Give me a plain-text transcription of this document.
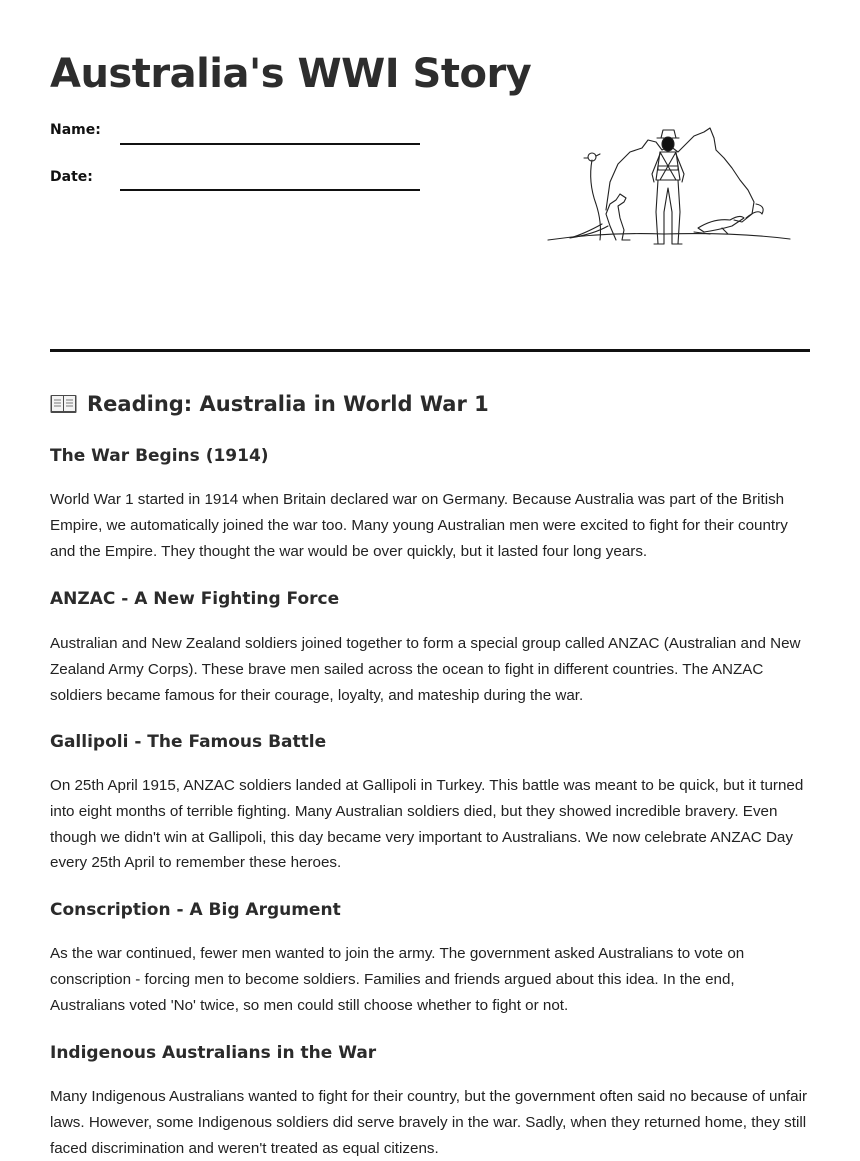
Australia's WWI Story
Name:
Date:
Reading: Australia in World War 1
The War Begins (1914)
World War 1 started in 1914 when Britain declared war on Germany. Because Australia was part of the British Empire, we automatically joined the war too. Many young Australian men were excited to fight for their country and the Empire. They thought the war would be over quickly, but it lasted four long years.
ANZAC - A New Fighting Force
Australian and New Zealand soldiers joined together to form a special group called ANZAC (Australian and New Zealand Army Corps). These brave men sailed across the ocean to fight in different countries. The ANZAC soldiers became famous for their courage, loyalty, and mateship during the war.
Gallipoli - The Famous Battle
On 25th April 1915, ANZAC soldiers landed at Gallipoli in Turkey. This battle was meant to be quick, but it turned into eight months of terrible fighting. Many Australian soldiers died, but they showed incredible bravery. Even though we didn't win at Gallipoli, this day became very important to Australians. We now celebrate ANZAC Day every 25th April to remember these heroes.
Conscription - A Big Argument
As the war continued, fewer men wanted to join the army. The government asked Australians to vote on conscription - forcing men to become soldiers. Families and friends argued about this idea. In the end, Australians voted 'No' twice, so men could still choose whether to fight or not.
Indigenous Australians in the War
Many Indigenous Australians wanted to fight for their country, but the government often said no because of unfair laws. However, some Indigenous soldiers did serve bravely in the war. Sadly, when they returned home, they still faced discrimination and weren't treated as equal citizens.
